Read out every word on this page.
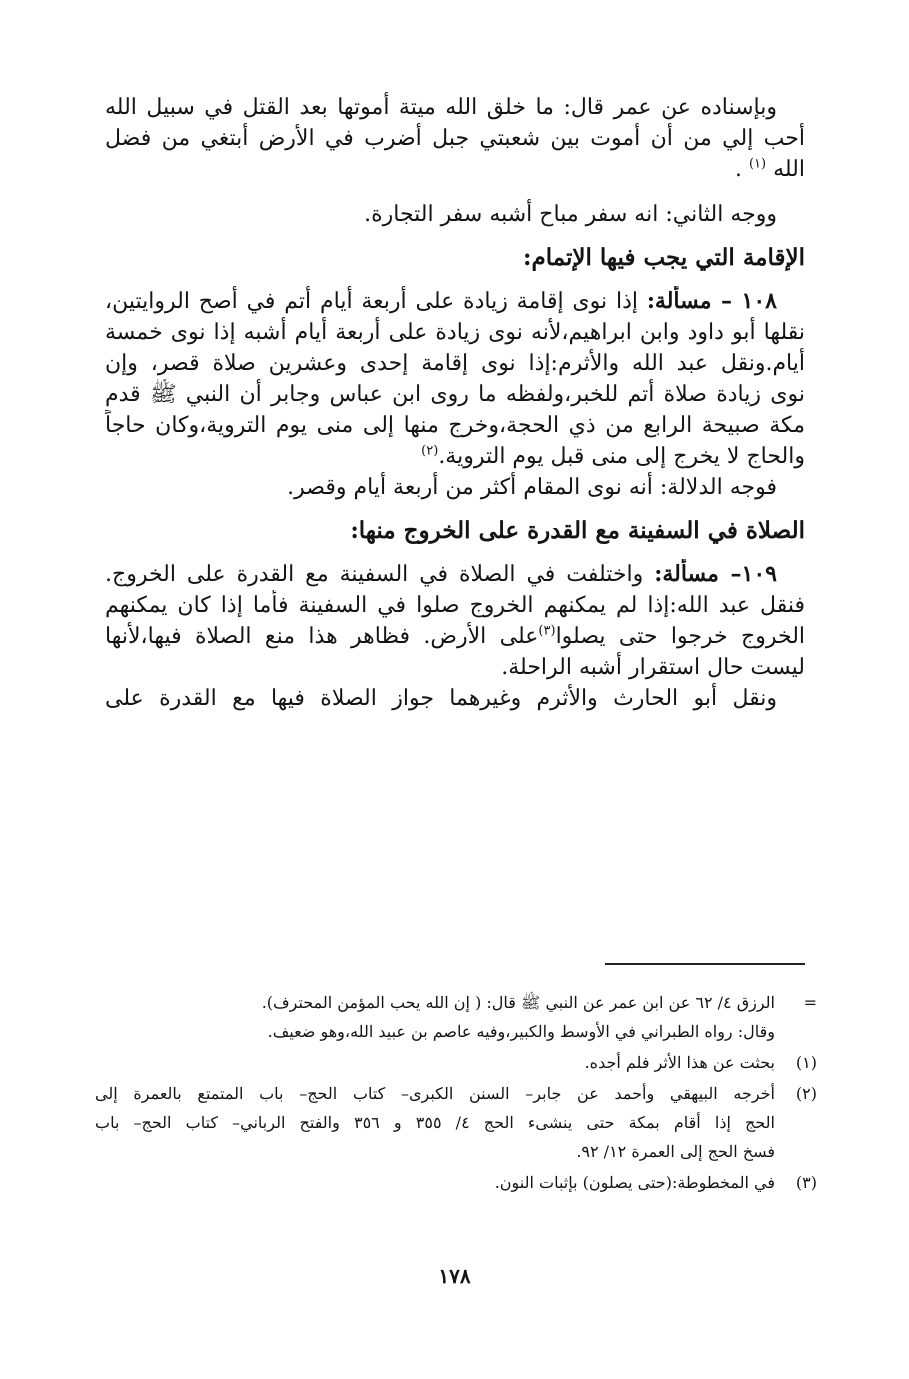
وبإسناده عن عمر قال: ما خلق الله ميتة أموتها بعد القتل في سبيل الله
أحب إلي من أن أموت بين شعبتي جبل أضرب في الأرض أبتغي من فضل
الله $^{(١)}$ .
ووجه الثاني: انه سفر مباح أشبه سفر التجارة.
الإقامة التي يجب فيها الإتمام:
١٠٨ – مسألة: إذا نوى إقامة زيادة على أربعة أيام أتم في أصح الروايتين،
نقلها أبو داود وابن ابراهيم،لأنه نوى زيادة على أربعة أيام أشبه إذا نوى خمسة
أيام.ونقل عبد الله والأثرم:إذا نوى إقامة إحدى وعشرين صلاة قصر، وإن
نوى زيادة صلاة أتم للخبر،ولفظه ما روى ابن عباس وجابر أن النبي ﷺ قدم
مكة صبيحة الرابع من ذي الحجة،وخرج منها إلى منى يوم التروية،وكان حاجاً
والحاج لا يخرج إلى منى قبل يوم التروية.$^{(٢)}$
فوجه الدلالة: أنه نوى المقام أكثر من أربعة أيام وقصر.
الصلاة في السفينة مع القدرة على الخروج منها:
١٠٩– مسألة: واختلفت في الصلاة في السفينة مع القدرة على الخروج.
فنقل عبد الله:إذا لم يمكنهم الخروج صلوا في السفينة فأما إذا كان يمكنهم
الخروج خرجوا حتى يصلوا$^{(٣)}$على الأرض. فظاهر هذا منع الصلاة فيها،لأنها
ليست حال استقرار أشبه الراحلة.
ونقل أبو الحارث والأثرم وغيرهما جواز الصلاة فيها مع القدرة على
=
الرزق ٤/ ٦٢ عن ابن عمر عن النبي ﷺ قال: ( إن الله يحب المؤمن المحترف).
وقال: رواه الطبراني في الأوسط والكبير،وفيه عاصم بن عبيد الله،وهو ضعيف.
(١)
بحثت عن هذا الأثر فلم أجده.
(٢)
أخرجه البيهقي وأحمد عن جابر– السنن الكبرى– كتاب الحج– باب المتمتع بالعمرة إلى
الحج إذا أقام بمكة حتى ينشىء الحج ٤/ ٣٥٥ و ٣٥٦ والفتح الرباني– كتاب الحج– باب
فسخ الحج إلى العمرة ١٢/ ٩٢.
(٣)
في المخطوطة:(حتى يصلون) بإثبات النون.
١٧٨
